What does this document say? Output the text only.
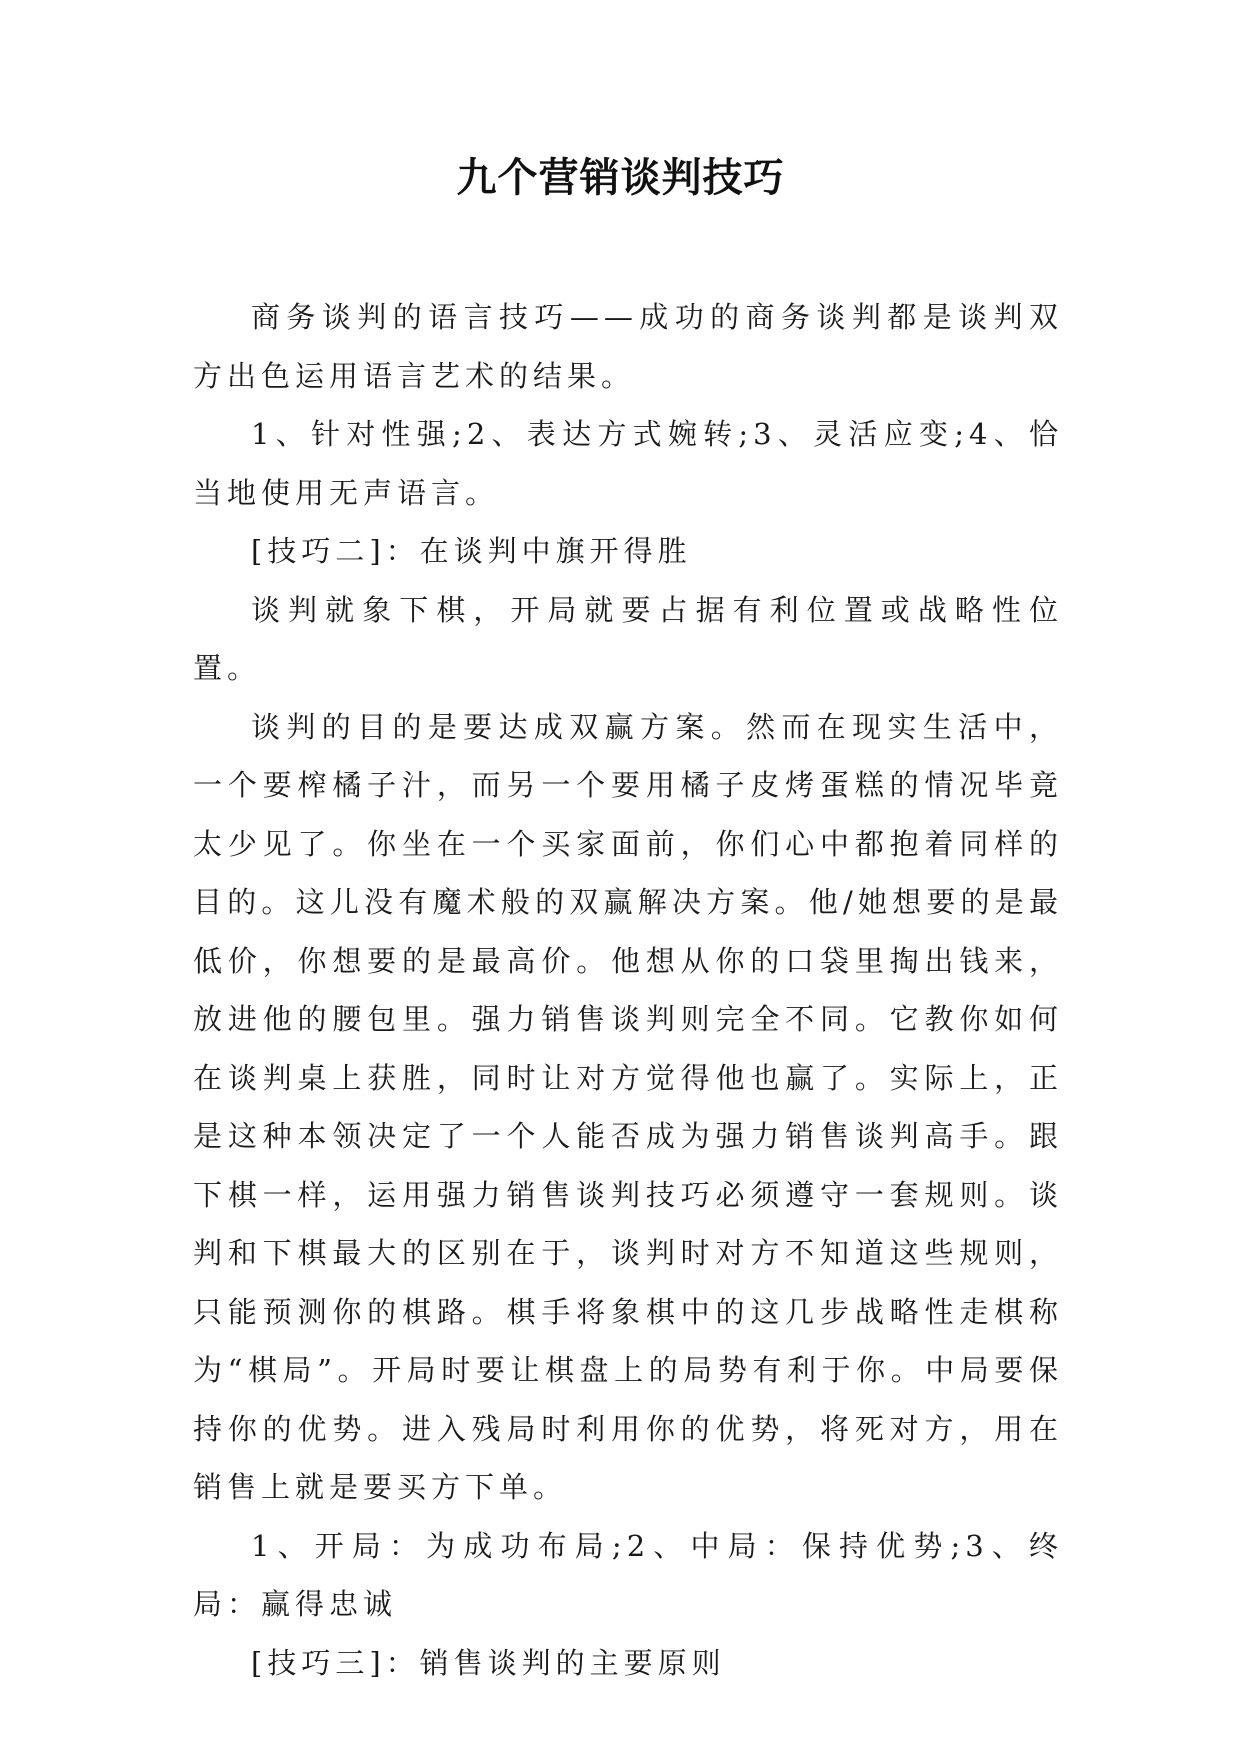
九个营销谈判技巧

商务谈判的语言技巧——成功的商务谈判都是谈判双方出色运用语言艺术的结果。

1、针对性强;2、表达方式婉转;3、灵活应变;4、恰当地使用无声语言。

[技巧二]：在谈判中旗开得胜

谈判就象下棋，开局就要占据有利位置或战略性位置。

谈判的目的是要达成双赢方案。然而在现实生活中，一个要榨橘子汁，而另一个要用橘子皮烤蛋糕的情况毕竟太少见了。你坐在一个买家面前，你们心中都抱着同样的目的。这儿没有魔术般的双赢解决方案。他/她想要的是最低价，你想要的是最高价。他想从你的口袋里掏出钱来，放进他的腰包里。强力销售谈判则完全不同。它教你如何在谈判桌上获胜，同时让对方觉得他也赢了。实际上，正是这种本领决定了一个人能否成为强力销售谈判高手。跟下棋一样，运用强力销售谈判技巧必须遵守一套规则。谈判和下棋最大的区别在于，谈判时对方不知道这些规则，只能预测你的棋路。棋手将象棋中的这几步战略性走棋称为“棋局”。开局时要让棋盘上的局势有利于你。中局要保持你的优势。进入残局时利用你的优势，将死对方，用在销售上就是要买方下单。

1、开局：为成功布局;2、中局：保持优势;3、终局：赢得忠诚

[技巧三]：销售谈判的主要原则
